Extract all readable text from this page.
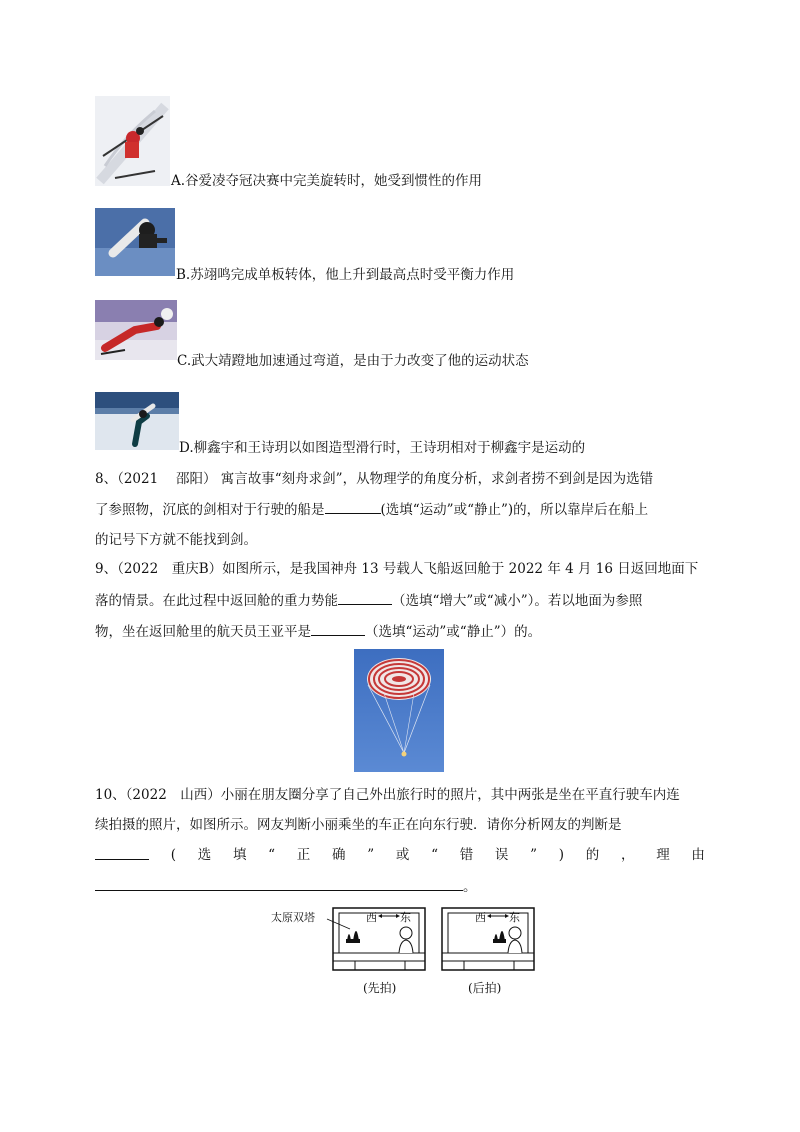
A.谷爱凌夺冠决赛中完美旋转时，她受到惯性的作用
B.苏翊鸣完成单板转体，他上升到最高点时受平衡力作用
C.武大靖蹬地加速通过弯道，是由于力改变了他的运动状态
D.柳鑫宇和王诗玥以如图造型滑行时，王诗玥相对于柳鑫宇是运动的
8、（2021　 邵阳） 寓言故事“刻舟求剑”，从物理学的角度分析，求剑者捞不到剑是因为选错
了参照物，沉底的剑相对于行驶的船是	(选填“运动”或“静止”)的，所以靠岸后在船上
的记号下方就不能找到剑。
9、（2022　重庆B）如图所示，是我国神舟 13 号载人飞船返回舱于 2022 年 4 月 16 日返回地面下
落的情景。在此过程中返回舱的重力势能	（选填“增大”或“减小”）。若以地面为参照
物，坐在返回舱里的航天员王亚平是	（选填“运动”或“静止”）的。
10、（2022　山西）小丽在朋友圈分享了自己外出旅行时的照片，其中两张是坐在平直行驶车内连
续拍摄的照片，如图所示。网友判断小丽乘坐的车正在向东行驶．请你分析网友的判断是
( 选 填 “ 正 确 ” 或 “ 错 误 ” ) 的 ， 理 由
。
太原双塔	西 东	西 东
(先拍)	(后拍)
